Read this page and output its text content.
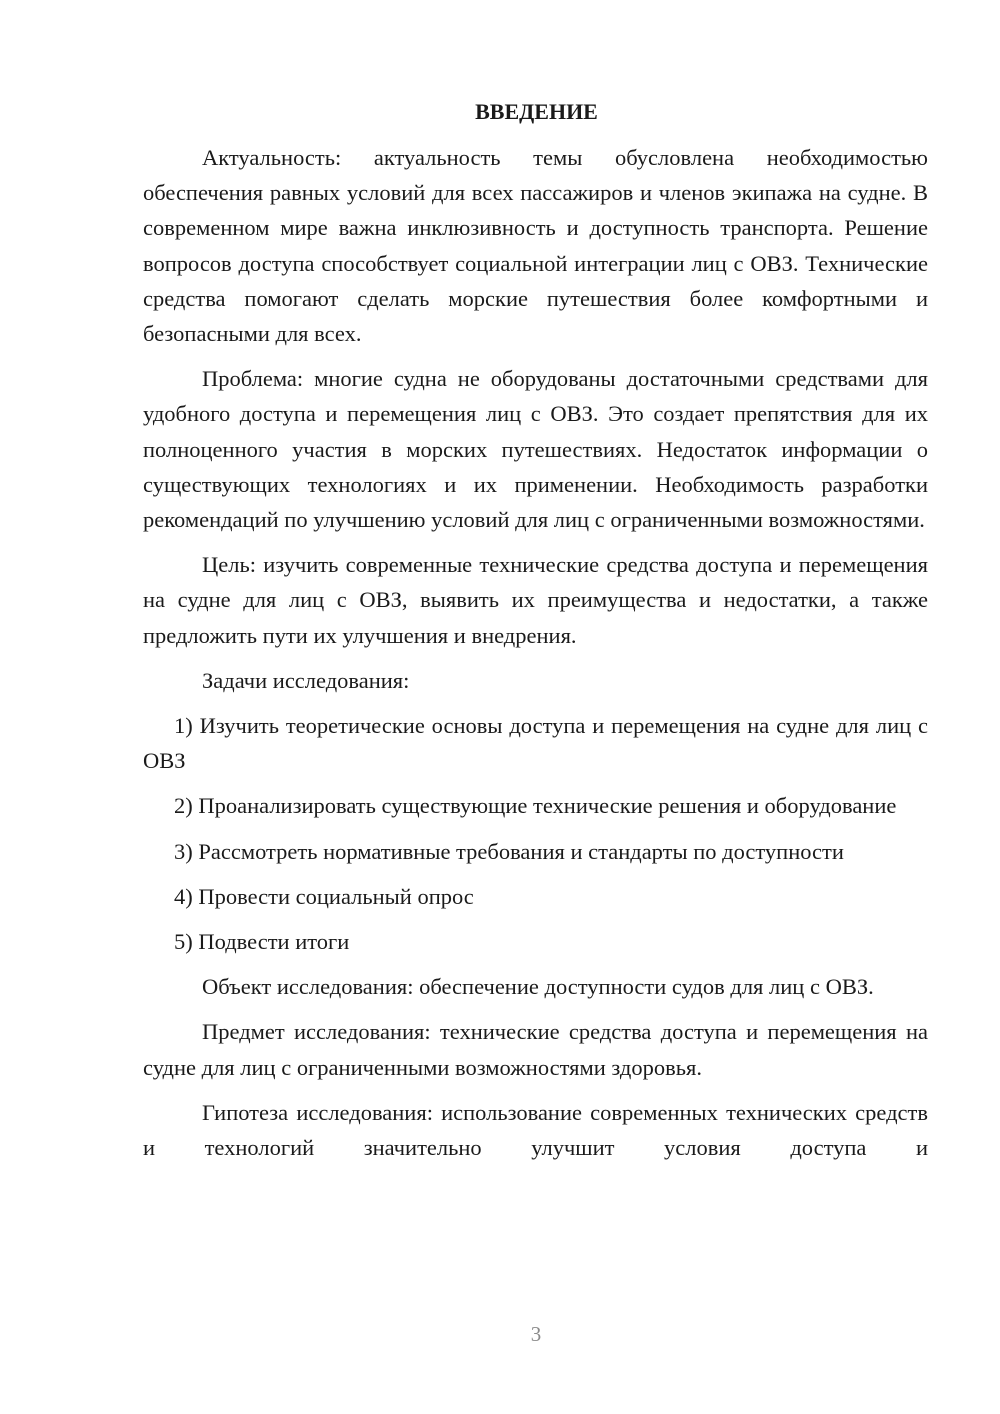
ВВЕДЕНИЕ

Актуальность: актуальность темы обусловлена необходимостью обеспечения равных условий для всех пассажиров и членов экипажа на судне. В современном мире важна инклюзивность и доступность транспорта. Решение вопросов доступа способствует социальной интеграции лиц с ОВЗ. Технические средства помогают сделать морские путешествия более комфортными и безопасными для всех.

Проблема: многие судна не оборудованы достаточными средствами для удобного доступа и перемещения лиц с ОВЗ. Это создает препятствия для их полноценного участия в морских путешествиях. Недостаток информации о существующих технологиях и их применении. Необходимость разработки рекомендаций по улучшению условий для лиц с ограниченными возможностями.

Цель: изучить современные технические средства доступа и перемещения на судне для лиц с ОВЗ, выявить их преимущества и недостатки, а также предложить пути их улучшения и внедрения.

Задачи исследования:

1) Изучить теоретические основы доступа и перемещения на судне для лиц с ОВЗ

2) Проанализировать существующие технические решения и оборудование

3) Рассмотреть нормативные требования и стандарты по доступности

4) Провести социальный опрос

5) Подвести итоги

Объект исследования: обеспечение доступности судов для лиц с ОВЗ.

Предмет исследования: технические средства доступа и перемещения на судне для лиц с ограниченными возможностями здоровья.

Гипотеза исследования: использование современных технических средств и технологий значительно улучшит условия доступа и

3
